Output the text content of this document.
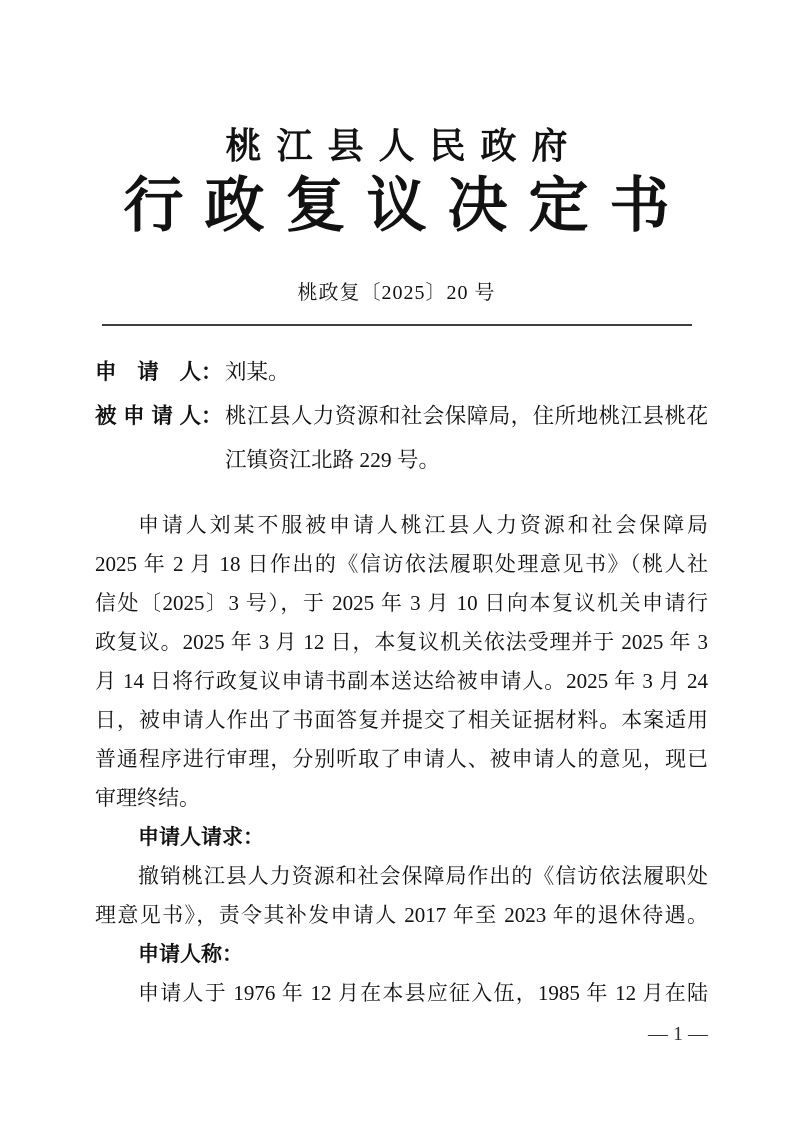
桃江县人民政府
行政复议决定书
桃政复〔2025〕20 号
申请人 ： 刘某。
被申请人 ： 桃江县人力资源和社会保障局，住所地桃江县桃花
江镇资江北路 229 号。
申请人刘某不服被申请人桃江县人力资源和社会保障局
2025 年 2 月 18 日作出的《信访依法履职处理意见书》（桃人社
信处〔2025〕3 号），于 2025 年 3 月 10 日向本复议机关申请行
政复议。2025 年 3 月 12 日，本复议机关依法受理并于 2025 年 3
月 14 日将行政复议申请书副本送达给被申请人。2025 年 3 月 24
日，被申请人作出了书面答复并提交了相关证据材料。本案适用
普通程序进行审理，分别听取了申请人、被申请人的意见，现已
审理终结。
申请人请求：
撤销桃江县人力资源和社会保障局作出的《信访依法履职处
理意见书》，责令其补发申请人 2017 年至 2023 年的退休待遇。
申请人称：
申请人于 1976 年 12 月在本县应征入伍，1985 年 12 月在陆
— 1 —
